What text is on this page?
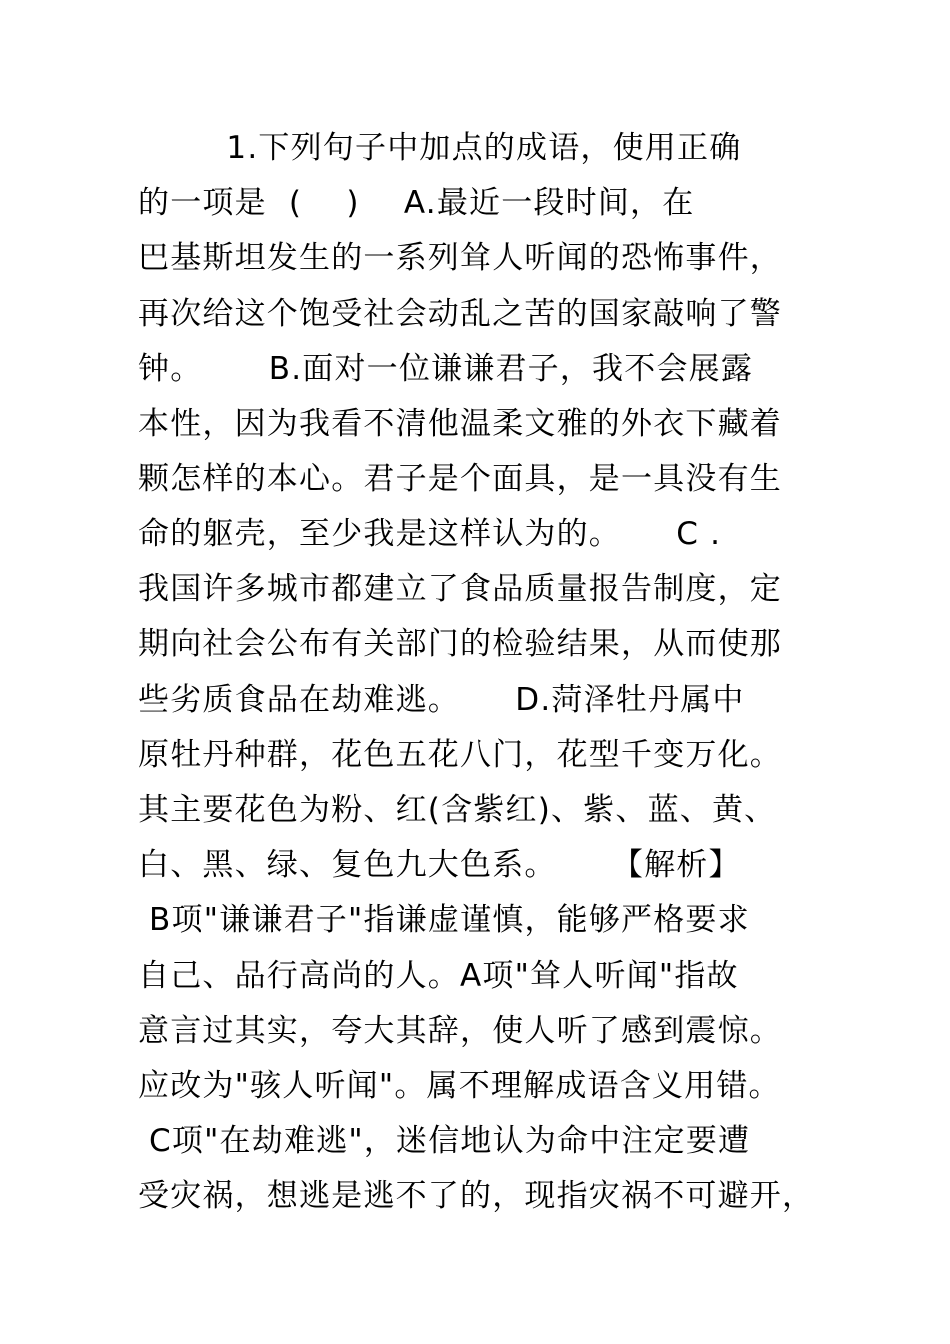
1.下列句子中加点的成语，使用正确
的一项是  (    )    A.最近一段时间，在
巴基斯坦发生的一系列耸人听闻的恐怖事件，
再次给这个饱受社会动乱之苦的国家敲响了警
钟。      B.面对一位谦谦君子，我不会展露
本性，因为我看不清他温柔文雅的外衣下藏着
颗怎样的本心。君子是个面具，是一具没有生
命的躯壳，至少我是这样认为的。     C .
我国许多城市都建立了食品质量报告制度，定
期向社会公布有关部门的检验结果，从而使那
些劣质食品在劫难逃。     D.菏泽牡丹属中
原牡丹种群，花色五花八门，花型千变万化。
其主要花色为粉、红(含紫红)、紫、蓝、黄、
白、黑、绿、复色九大色系。     【解析】
B项"谦谦君子"指谦虚谨慎，能够严格要求
自己、品行高尚的人。A项"耸人听闻"指故
意言过其实，夸大其辞，使人听了感到震惊。
应改为"骇人听闻"。属不理解成语含义用错。
C项"在劫难逃"，迷信地认为命中注定要遭
受灾祸，想逃是逃不了的，现指灾祸不可避开，
